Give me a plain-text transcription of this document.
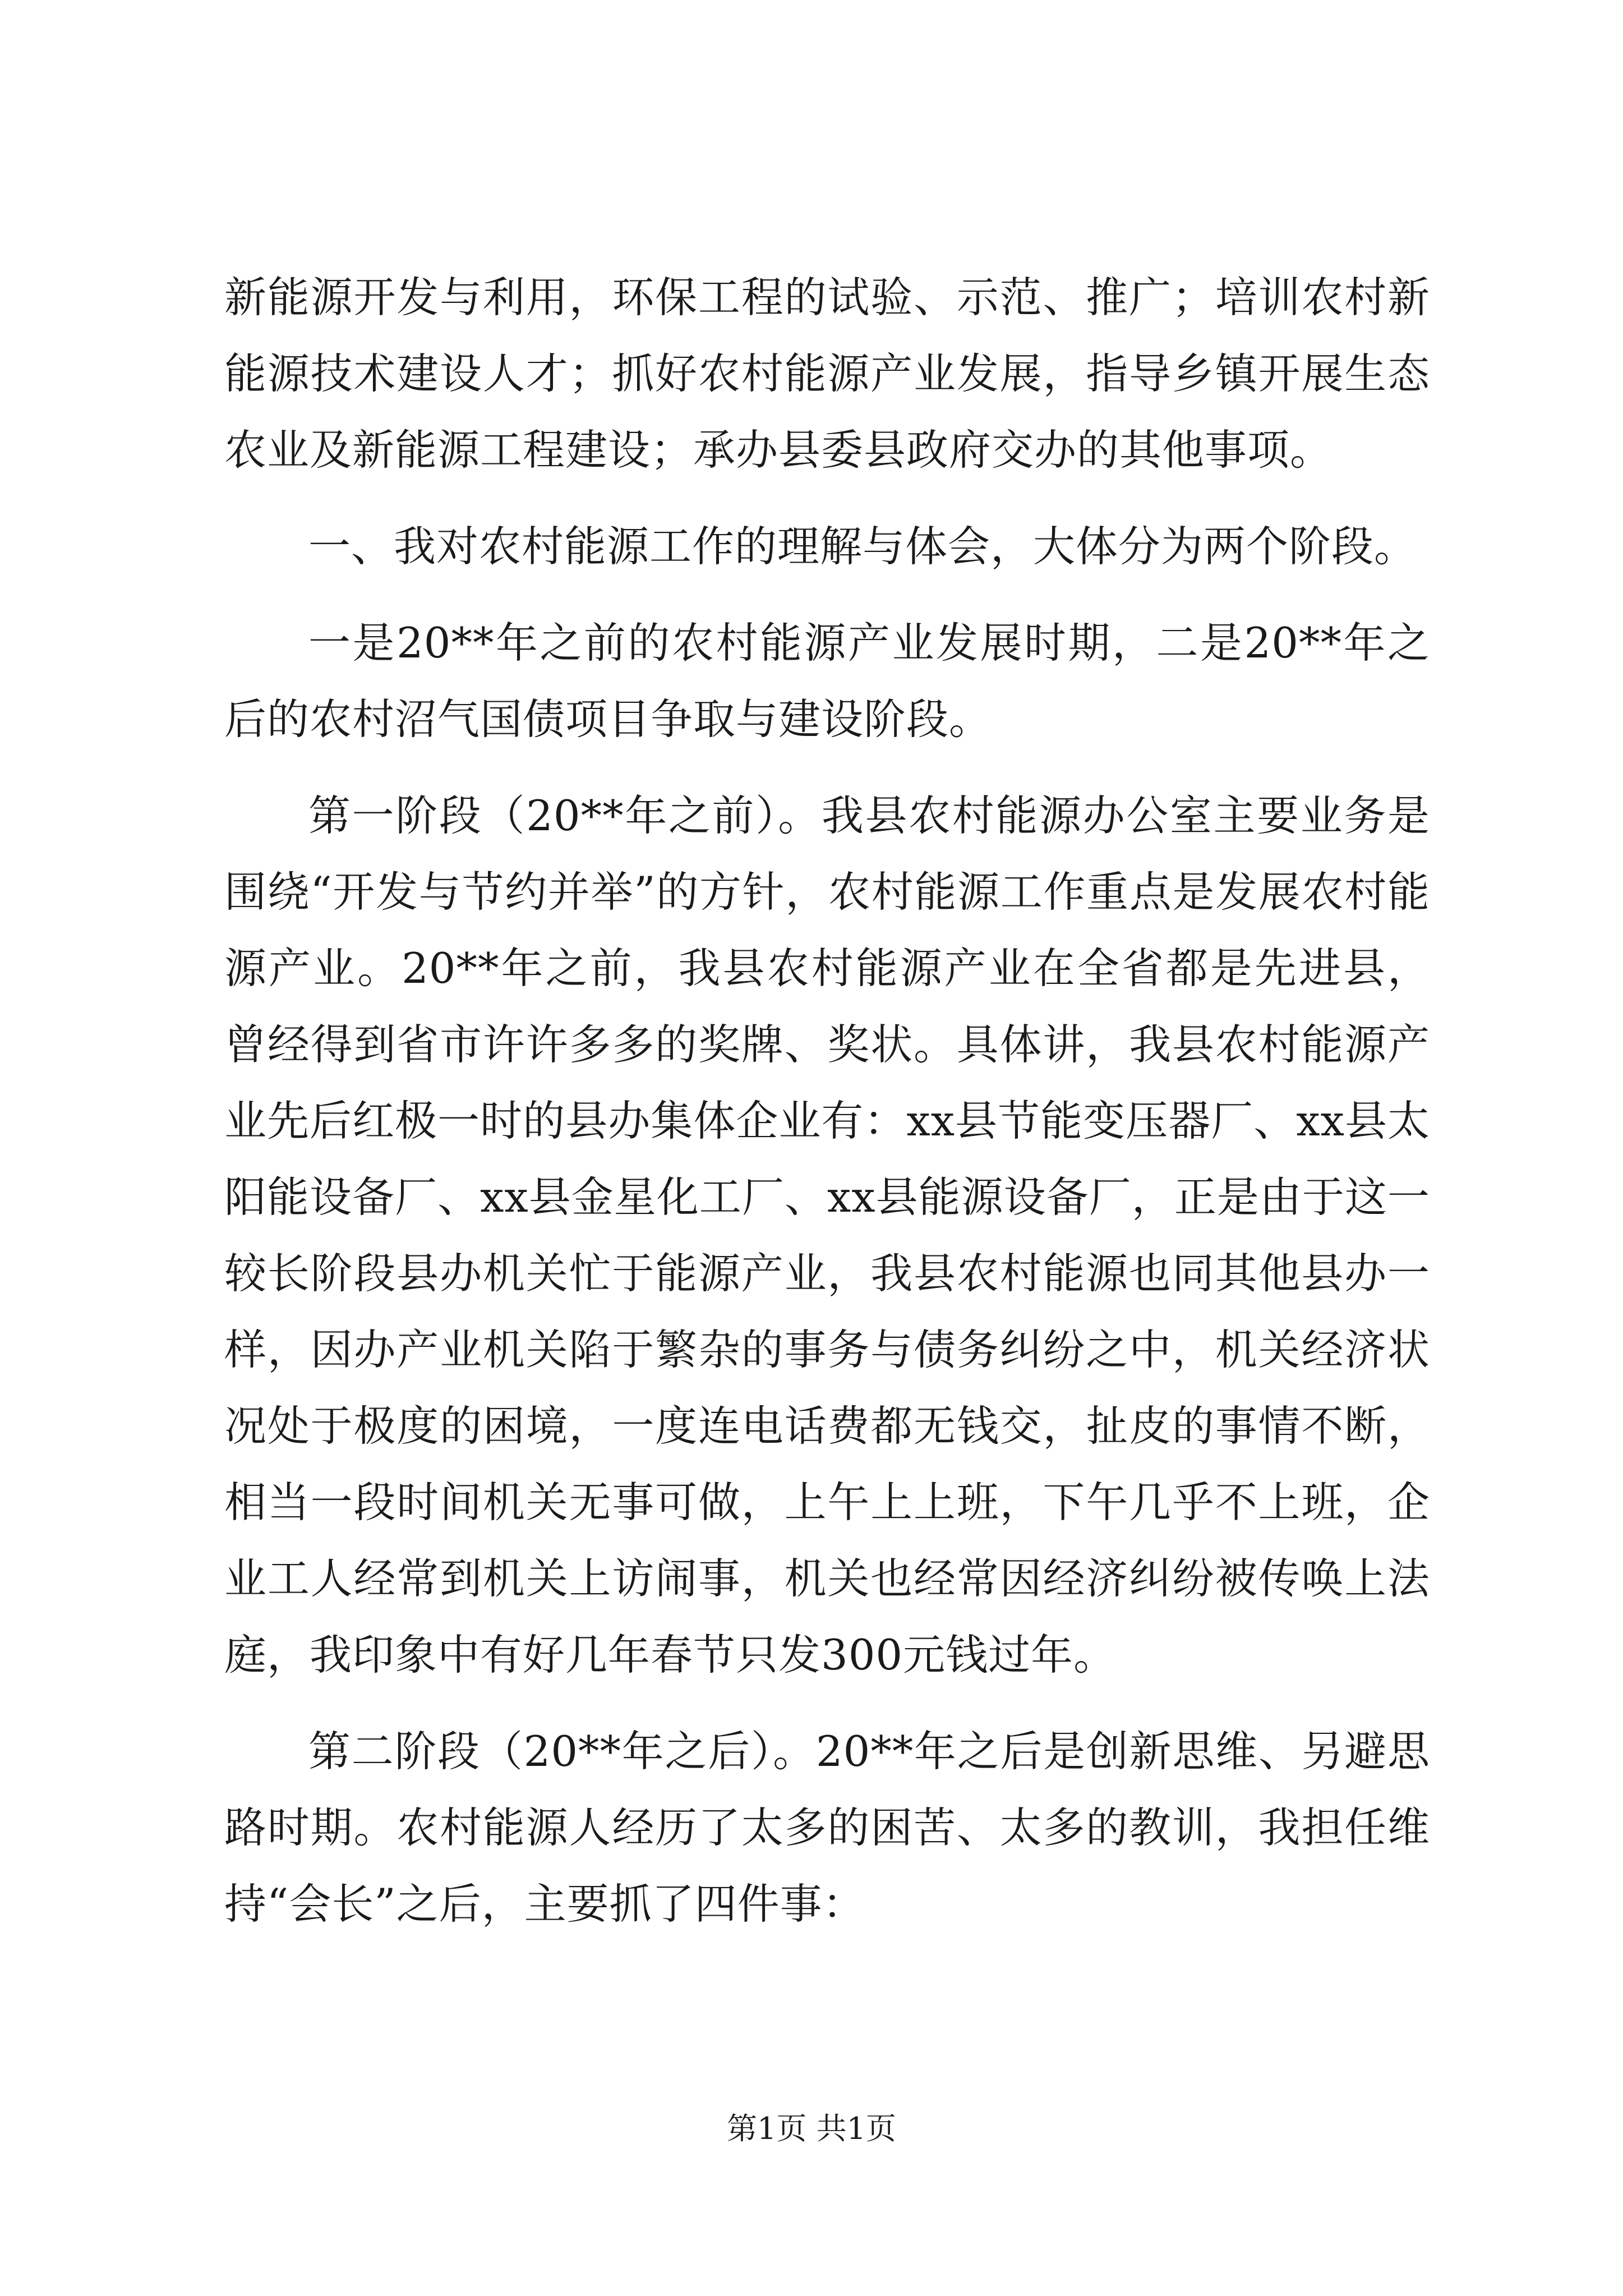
新能源开发与利用，环保工程的试验、示范、推广；培训农村新能源技术建设人才；抓好农村能源产业发展，指导乡镇开展生态农业及新能源工程建设；承办县委县政府交办的其他事项。

一、我对农村能源工作的理解与体会，大体分为两个阶段。

一是20**年之前的农村能源产业发展时期，二是20**年之后的农村沼气国债项目争取与建设阶段。

第一阶段（20**年之前）。我县农村能源办公室主要业务是围绕“开发与节约并举”的方针，农村能源工作重点是发展农村能源产业。20**年之前，我县农村能源产业在全省都是先进县，曾经得到省市许许多多的奖牌、奖状。具体讲，我县农村能源产业先后红极一时的县办集体企业有：xx县节能变压器厂、xx县太阳能设备厂、xx县金星化工厂、xx县能源设备厂，正是由于这一较长阶段县办机关忙于能源产业，我县农村能源也同其他县办一样，因办产业机关陷于繁杂的事务与债务纠纷之中，机关经济状况处于极度的困境，一度连电话费都无钱交，扯皮的事情不断，相当一段时间机关无事可做，上午上上班，下午几乎不上班，企业工人经常到机关上访闹事，机关也经常因经济纠纷被传唤上法庭，我印象中有好几年春节只发300元钱过年。

第二阶段（20**年之后）。20**年之后是创新思维、另避思路时期。农村能源人经历了太多的困苦、太多的教训，我担任维持“会长”之后，主要抓了四件事：

第1页 共1页
